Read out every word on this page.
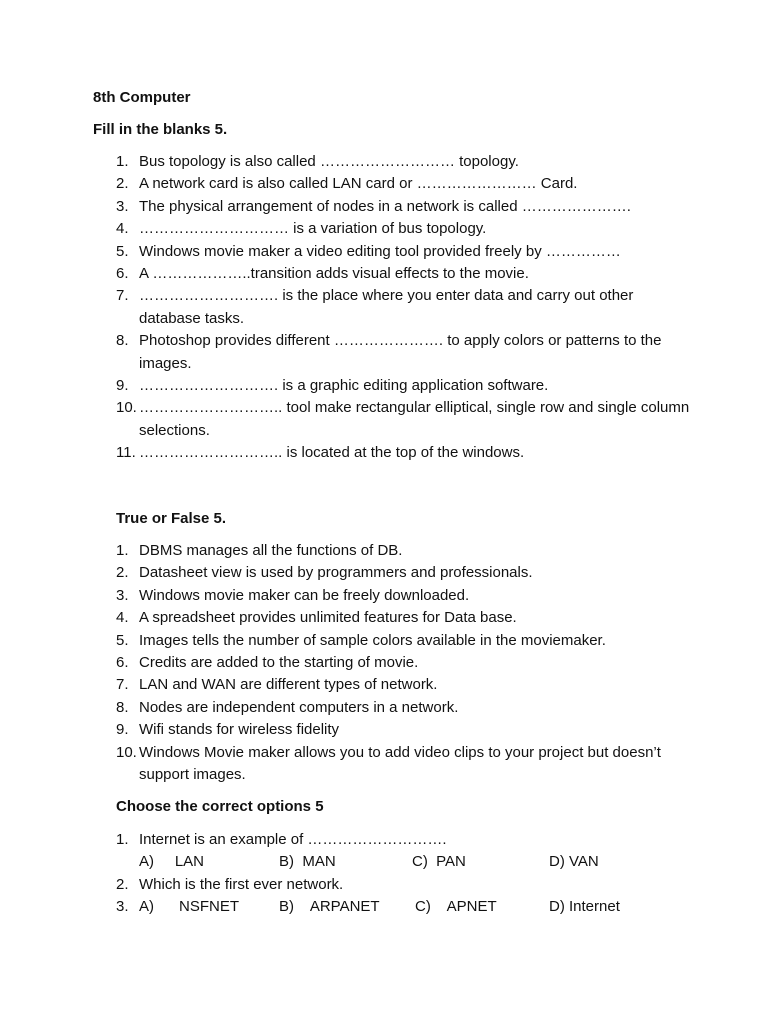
8th Computer

Fill in the blanks 5.

1. Bus topology is also called ……………………… topology.
2. A network card is also called LAN card or …………………… Card.
3. The physical arrangement of nodes in a network is called ………………….
4. ………………………… is a variation of bus topology.
5. Windows movie maker a video editing tool provided freely by ……………
6. A ………………..transition adds visual effects to the movie.
7. ………………………. is the place where you enter data and carry out other database tasks.
8. Photoshop provides different …………………. to apply colors or patterns to the images.
9. ………………………. is a graphic editing application software.
10. ……………………….. tool make rectangular elliptical, single row and single column selections.
11. ……………………….. is located at the top of the windows.

True or False 5.

1. DBMS manages all the functions of DB.
2. Datasheet view is used by programmers and professionals.
3. Windows movie maker can be freely downloaded.
4. A spreadsheet provides unlimited features for Data base.
5. Images tells the number of sample colors available in the moviemaker.
6. Credits are added to the starting of movie.
7. LAN and WAN are different types of network.
8. Nodes are independent computers in a network.
9. Wifi stands for wireless fidelity
10. Windows Movie maker allows you to add video clips to your project but doesn’t support images.

Choose the correct options 5

1. Internet is an example of ……………………….
A)     LAN	B)  MAN	C)  PAN	D) VAN
2. Which is the first ever network.
3. A)      NSFNET	B)    ARPANET C)    APNET	D) Internet
